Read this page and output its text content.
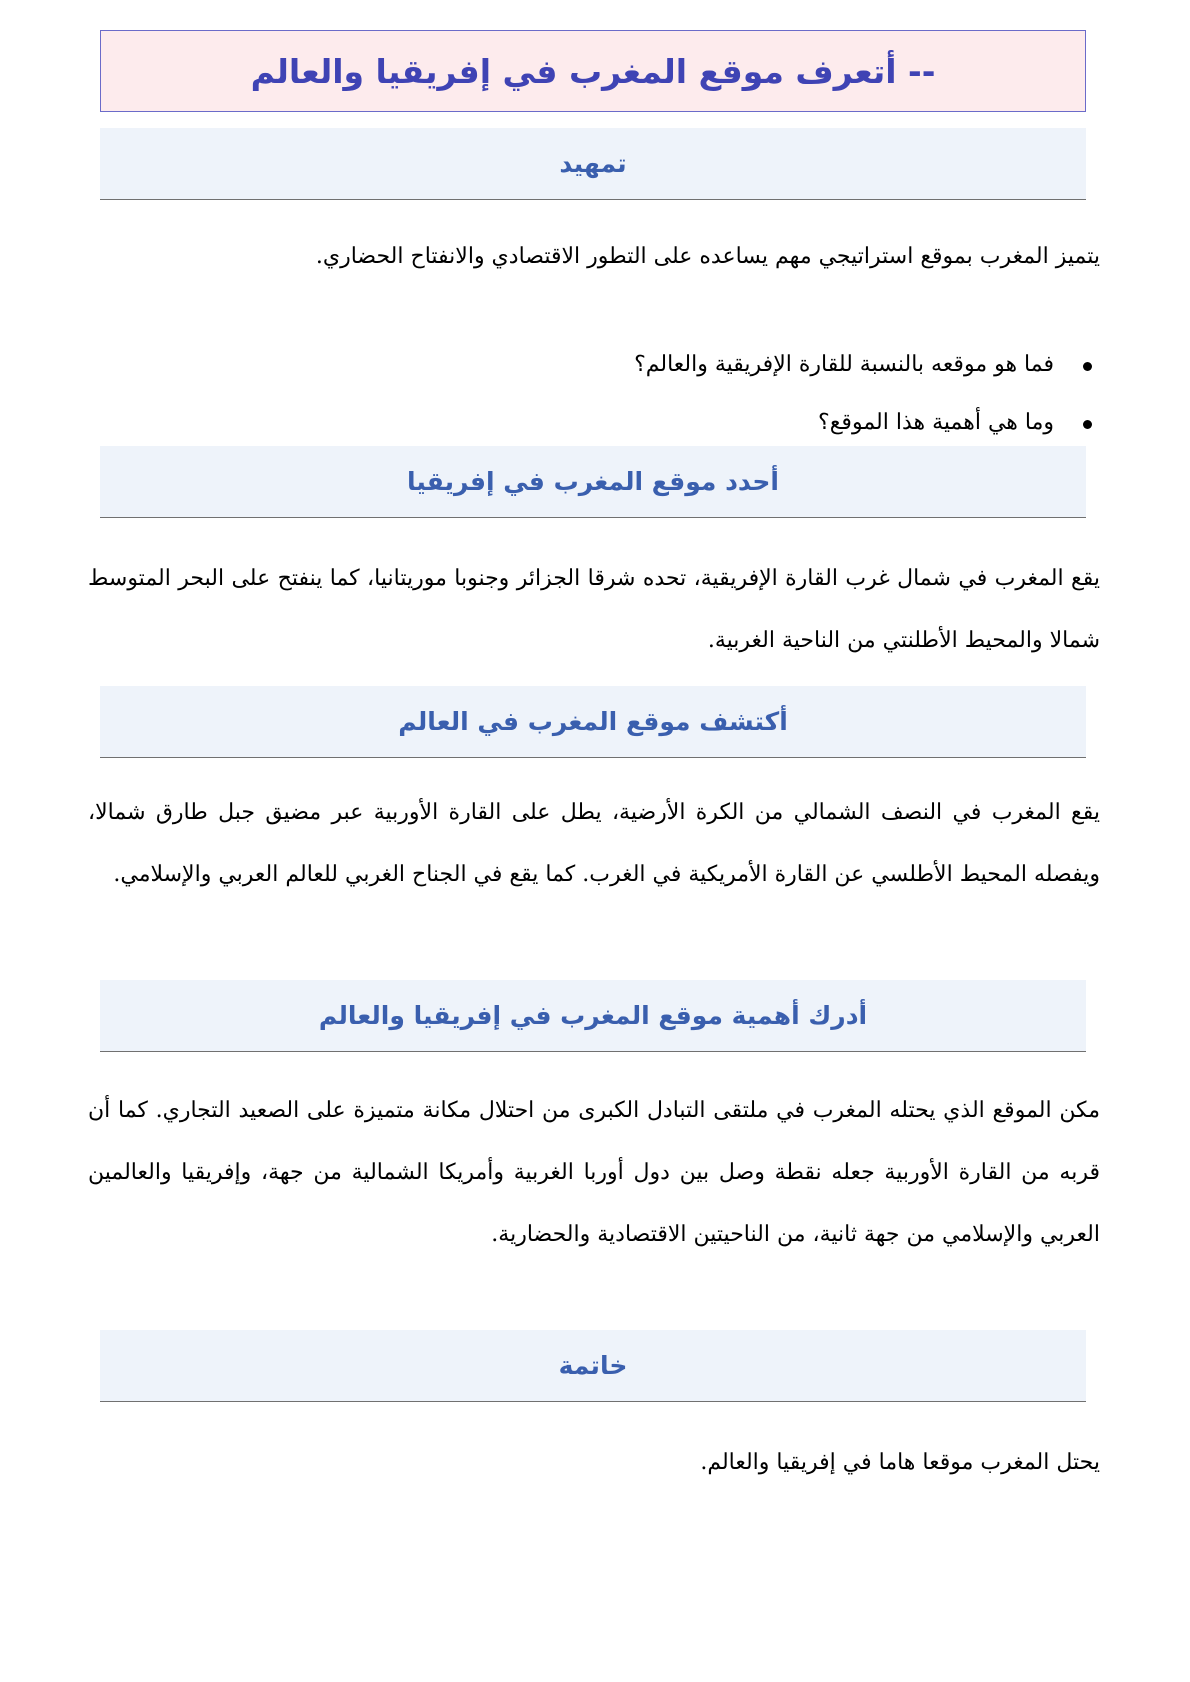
-- أتعرف موقع المغرب في إفريقيا والعالم
تمهيد

يتميز المغرب بموقع استراتيجي مهم يساعده على التطور الاقتصادي والانفتاح الحضاري.

فما هو موقعه بالنسبة للقارة الإفريقية والعالم؟
وما هي أهمية هذا الموقع؟
أحدد موقع المغرب في إفريقيا

يقع المغرب في شمال غرب القارة الإفريقية، تحده شرقا الجزائر وجنوبا موريتانيا، كما ينفتح على البحر المتوسط شمالا والمحيط الأطلنتي من الناحية الغربية.

أكتشف موقع المغرب في العالم

يقع المغرب في النصف الشمالي من الكرة الأرضية، يطل على القارة الأوربية عبر مضيق جبل طارق شمالا، ويفصله المحيط الأطلسي عن القارة الأمريكية في الغرب. كما يقع في الجناح الغربي للعالم العربي والإسلامي.

أدرك أهمية موقع المغرب في إفريقيا والعالم

مكن الموقع الذي يحتله المغرب في ملتقى التبادل الكبرى من احتلال مكانة متميزة على الصعيد التجاري. كما أن قربه من القارة الأوربية جعله نقطة وصل بين دول أوربا الغربية وأمريكا الشمالية من جهة، وإفريقيا والعالمين العربي والإسلامي من جهة ثانية، من الناحيتين الاقتصادية والحضارية.

خاتمة

يحتل المغرب موقعا هاما في إفريقيا والعالم.
